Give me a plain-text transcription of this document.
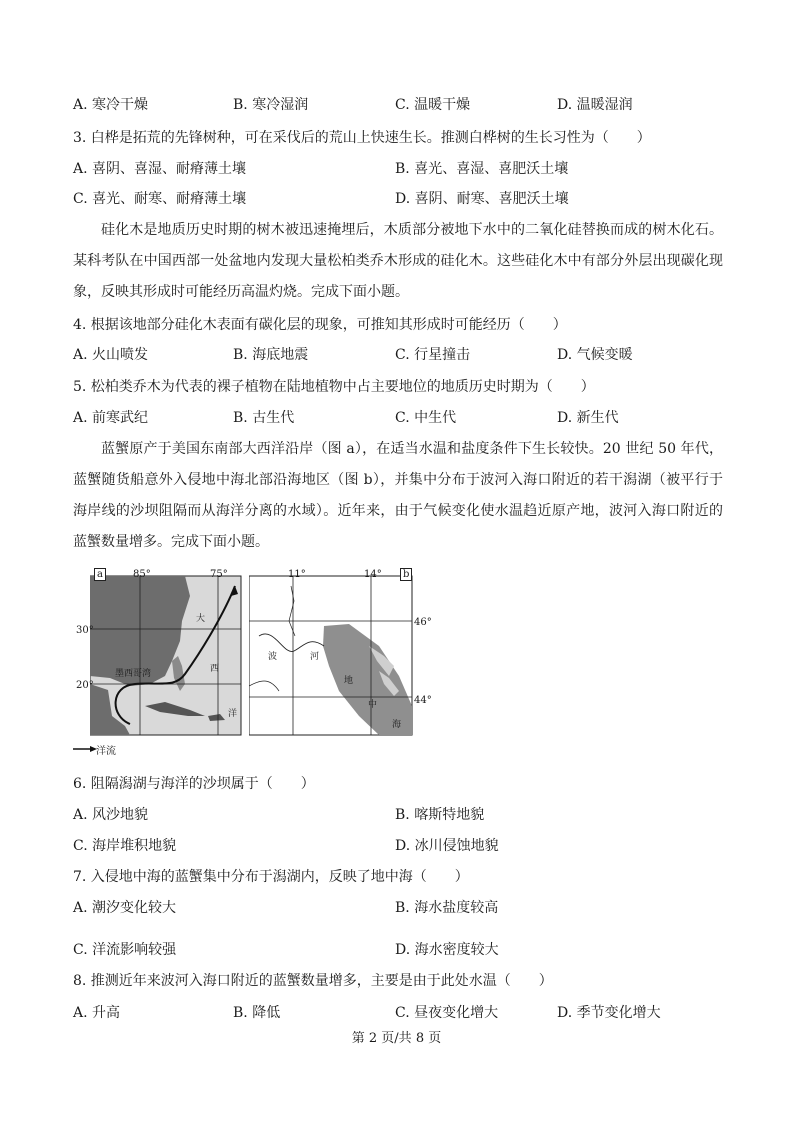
A. 寒冷干燥	B. 寒冷湿润	C. 温暖干燥	D. 温暖湿润
3. 白桦是拓荒的先锋树种，可在采伐后的荒山上快速生长。推测白桦树的生长习性为（　　）
A. 喜阴、喜湿、耐瘠薄土壤	B. 喜光、喜湿、喜肥沃土壤
C. 喜光、耐寒、耐瘠薄土壤	D. 喜阴、耐寒、喜肥沃土壤
硅化木是地质历史时期的树木被迅速掩埋后，木质部分被地下水中的二氧化硅替换而成的树木化石。某科考队在中国西部一处盆地内发现大量松柏类乔木形成的硅化木。这些硅化木中有部分外层出现碳化现象，反映其形成时可能经历高温灼烧。完成下面小题。
4. 根据该地部分硅化木表面有碳化层的现象，可推知其形成时可能经历（　　）
A. 火山喷发	B. 海底地震	C. 行星撞击	D. 气候变暖
5. 松柏类乔木为代表的裸子植物在陆地植物中占主要地位的地质历史时期为（　　）
A. 前寒武纪	B. 古生代	C. 中生代	D. 新生代
蓝蟹原产于美国东南部大西洋沿岸（图 a），在适当水温和盐度条件下生长较快。20 世纪 50 年代，蓝蟹随货船意外入侵地中海北部沿海地区（图 b），并集中分布于波河入海口附近的若干潟湖（被平行于海岸线的沙坝阻隔而从海洋分离的水域）。近年来，由于气候变化使水温趋近原产地，波河入海口附近的蓝蟹数量增多。完成下面小题。
a	85°	75°
30°
20°
墨西哥湾
大
西
洋
b
11°	14°
46°
44°
波	河
地
中
海
洋流
6. 阻隔潟湖与海洋的沙坝属于（　　）
A. 风沙地貌	B. 喀斯特地貌
C. 海岸堆积地貌	D. 冰川侵蚀地貌
7. 入侵地中海的蓝蟹集中分布于潟湖内，反映了地中海（　　）
A. 潮汐变化较大	B. 海水盐度较高
C. 洋流影响较强	D. 海水密度较大
8. 推测近年来波河入海口附近的蓝蟹数量增多，主要是由于此处水温（　　）
A. 升高	B. 降低	C. 昼夜变化增大	D. 季节变化增大
第 2 页/共 8 页
